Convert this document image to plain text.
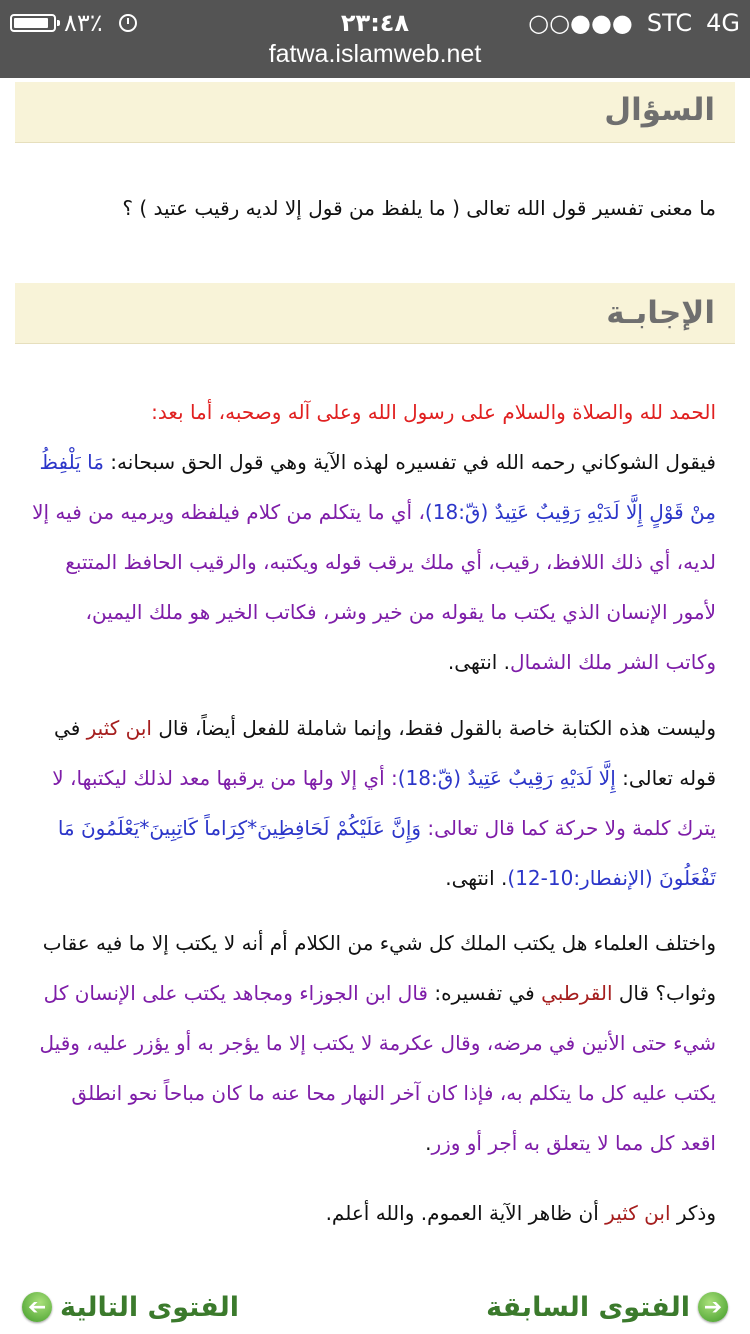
٨٣٪	٢٣:٤٨	○○●●● STC 4G
fatwa.islamweb.net
السؤال
ما معنى تفسير قول الله تعالى ( ما يلفظ من قول إلا لديه رقيب عتيد ) ؟
الإجابـة
الحمد لله والصلاة والسلام على رسول الله وعلى آله وصحبه، أما بعد:
فيقول الشوكاني رحمه الله في تفسيره لهذه الآية وهي قول الحق سبحانه: مَا يَلْفِظُ مِنْ قَوْلٍ إِلَّا لَدَيْهِ رَقِيبٌ عَتِيدٌ (قّ:18)، أي ما يتكلم من كلام فيلفظه ويرميه من فيه إلا لديه، أي ذلك اللافظ، رقيب، أي ملك يرقب قوله ويكتبه، والرقيب الحافظ المتتبع لأمور الإنسان الذي يكتب ما يقوله من خير وشر، فكاتب الخير هو ملك اليمين، وكاتب الشر ملك الشمال. انتهى.
وليست هذه الكتابة خاصة بالقول فقط، وإنما شاملة للفعل أيضاً، قال ابن كثير في قوله تعالى: إِلَّا لَدَيْهِ رَقِيبٌ عَتِيدٌ (قّ:18): أي إلا ولها من يرقبها معد لذلك ليكتبها، لا يترك كلمة ولا حركة كما قال تعالى: وَإِنَّ عَلَيْكُمْ لَحَافِظِينَ*كِرَاماً كَاتِبِينَ*يَعْلَمُونَ مَا تَفْعَلُونَ (الإنفطار:10-12). انتهى.
واختلف العلماء هل يكتب الملك كل شيء من الكلام أم أنه لا يكتب إلا ما فيه عقاب وثواب؟ قال القرطبي في تفسيره: قال ابن الجوزاء ومجاهد يكتب على الإنسان كل شيء حتى الأنين في مرضه، وقال عكرمة لا يكتب إلا ما يؤجر به أو يؤزر عليه، وقيل يكتب عليه كل ما يتكلم به، فإذا كان آخر النهار محا عنه ما كان مباحاً نحو انطلق اقعد كل مما لا يتعلق به أجر أو وزر.
وذكر ابن كثير أن ظاهر الآية العموم. والله أعلم.
➔
الفتوى السابقة
الفتوى التالية
➔
